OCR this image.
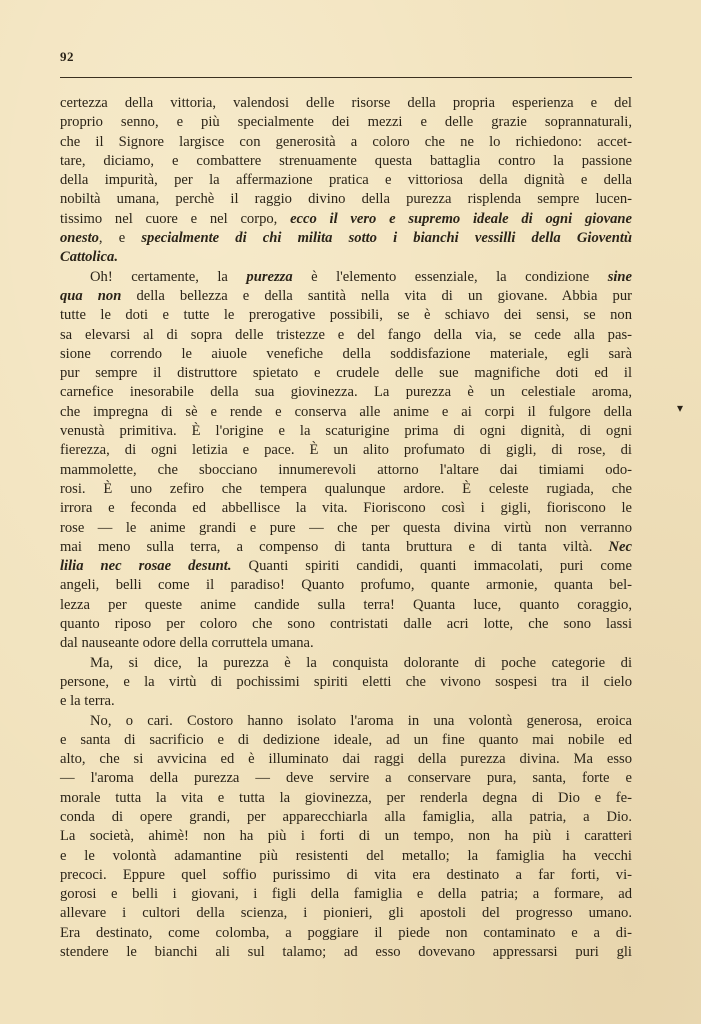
92
certezza della vittoria, valendosi delle risorse della propria esperienza e del
proprio senno, e più specialmente dei mezzi e delle grazie soprannaturali,
che il Signore largisce con generosità a coloro che ne lo richiedono: accet-
tare, diciamo, e combattere strenuamente questa battaglia contro la passione
della impurità, per la affermazione pratica e vittoriosa della dignità e della
nobiltà umana, perchè il raggio divino della purezza risplenda sempre lucen-
tissimo nel cuore e nel corpo, ecco il vero e supremo ideale di ogni giovane
onesto, e specialmente di chi milita sotto i bianchi vessilli della Gioventù
Cattolica.
Oh! certamente, la purezza è l'elemento essenziale, la condizione sine
qua non della bellezza e della santità nella vita di un giovane. Abbia pur
tutte le doti e tutte le prerogative possibili, se è schiavo dei sensi, se non
sa elevarsi al di sopra delle tristezze e del fango della via, se cede alla pas-
sione correndo le aiuole venefiche della soddisfazione materiale, egli sarà
pur sempre il distruttore spietato e crudele delle sue magnifiche doti ed il
carnefice inesorabile della sua giovinezza. La purezza è un celestiale aroma,
che impregna di sè e rende e conserva alle anime e ai corpi il fulgore della
venustà primitiva. È l'origine e la scaturigine prima di ogni dignità, di ogni
fierezza, di ogni letizia e pace. È un alito profumato di gigli, di rose, di
mammolette, che sbocciano innumerevoli attorno l'altare dai timiami odo-
rosi. È uno zefiro che tempera qualunque ardore. È celeste rugiada, che
irrora e feconda ed abbellisce la vita. Fioriscono così i gigli, fioriscono le
rose — le anime grandi e pure — che per questa divina virtù non verranno
mai meno sulla terra, a compenso di tanta bruttura e di tanta viltà. Nec
lilia nec rosae desunt. Quanti spiriti candidi, quanti immacolati, puri come
angeli, belli come il paradiso! Quanto profumo, quante armonie, quanta bel-
lezza per queste anime candide sulla terra! Quanta luce, quanto coraggio,
quanto riposo per coloro che sono contristati dalle acri lotte, che sono lassi
dal nauseante odore della corruttela umana.
Ma, si dice, la purezza è la conquista dolorante di poche categorie di
persone, e la virtù di pochissimi spiriti eletti che vivono sospesi tra il cielo
e la terra.
No, o cari. Costoro hanno isolato l'aroma in una volontà generosa, eroica
e santa di sacrificio e di dedizione ideale, ad un fine quanto mai nobile ed
alto, che si avvicina ed è illuminato dai raggi della purezza divina. Ma esso
— l'aroma della purezza — deve servire a conservare pura, santa, forte e
morale tutta la vita e tutta la giovinezza, per renderla degna di Dio e fe-
conda di opere grandi, per apparecchiarla alla famiglia, alla patria, a Dio.
La società, ahimè! non ha più i forti di un tempo, non ha più i caratteri
e le volontà adamantine più resistenti del metallo; la famiglia ha vecchi
precoci. Eppure quel soffio purissimo di vita era destinato a far forti, vi-
gorosi e belli i giovani, i figli della famiglia e della patria; a formare, ad
allevare i cultori della scienza, i pionieri, gli apostoli del progresso umano.
Era destinato, come colomba, a poggiare il piede non contaminato e a di-
stendere le bianchi ali sul talamo; ad esso dovevano appressarsi puri gli
▾
